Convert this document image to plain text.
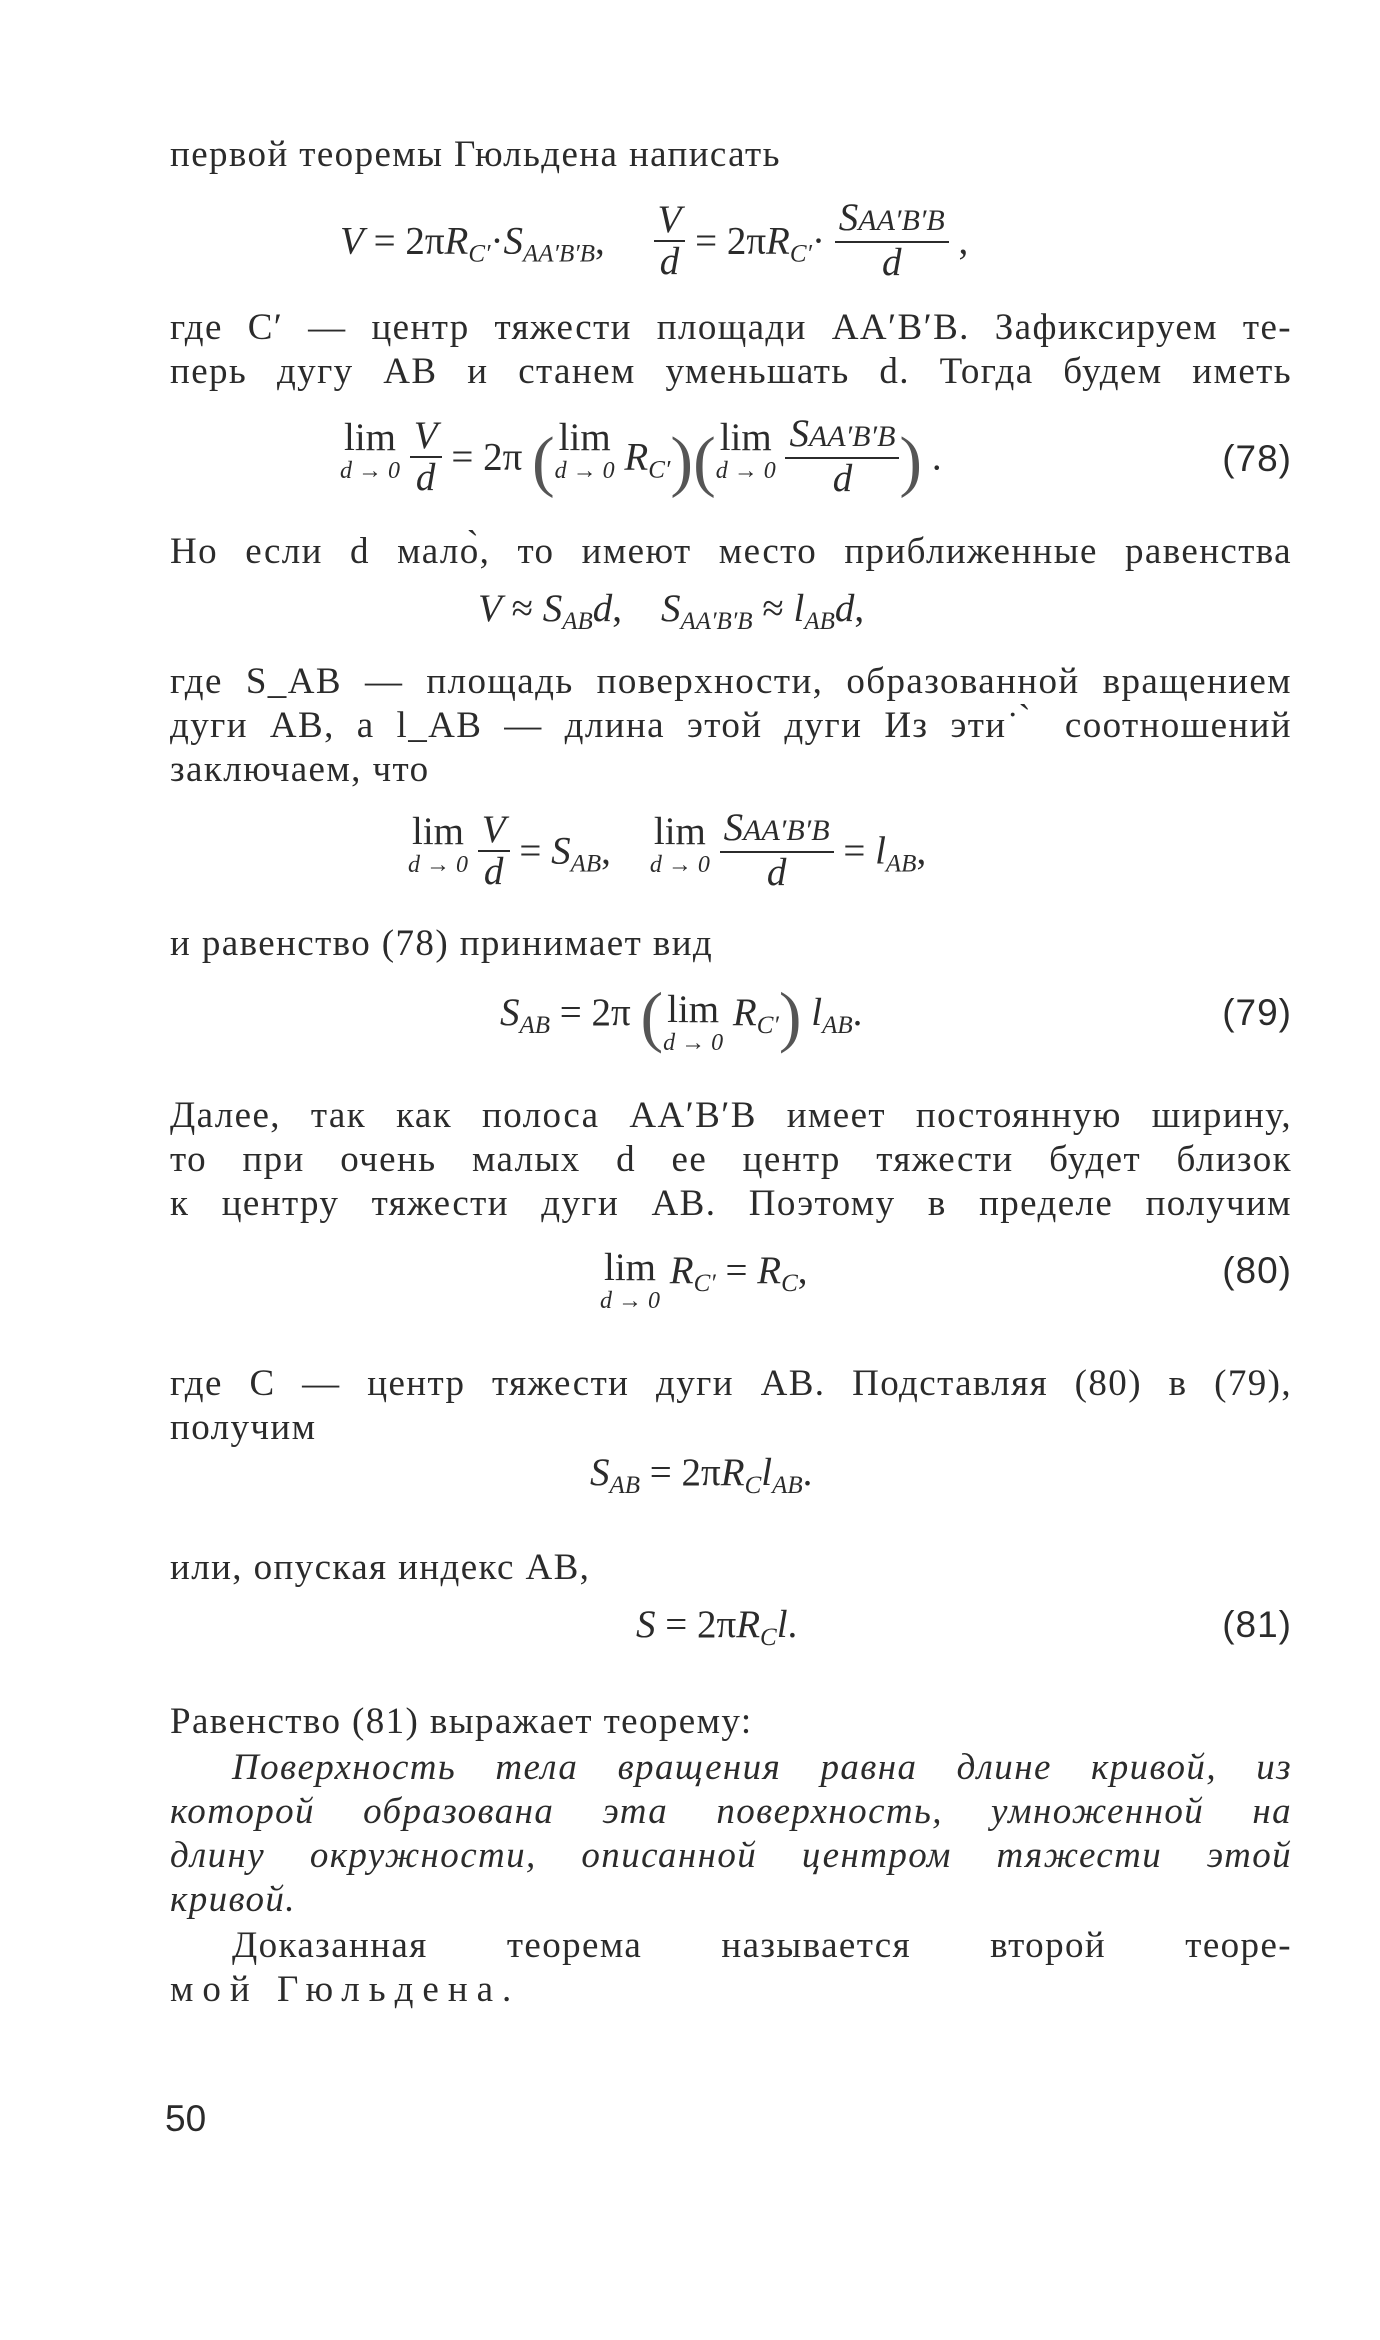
первой теоремы Гюльдена написать
$V = 2\pi R_{C'}\cdot S_{AA'B'B}$, $\frac{V}{d} = 2\pi R_{C'}\cdot \frac{\text{SAA′B′B}}{d}$ ,
где C′ — центр тяжести площади AA′B′B. Зафиксируем те-
перь дугу AB и станем уменьшать d. Тогда будем иметь
lim
d → 0
$\frac{V}{d} = 2\pi$ ( lim
d → 0 $R_{C'}$)( lim
d → 0
$\frac{\text{SAA′B′B}}{d}$ ) .	(78)
Но если d мало̀, то имеют место приближенные равенства
$V \approx S_{AB}d$,    $S_{AA'B'B} \approx l_{AB}d$,
где S_AB — площадь поверхности, образованной вращением
дуги AB, а l_AB — длина этой дуги Из эти˙̀ соотношений
заключаем, что
lim
d → 0
$\frac{V}{d} = S_{AB}$,    lim
d → 0
$\frac{\text{SAA′B′B}}{d} = l_{AB}$,
и равенство (78) принимает вид
$S_{AB} = 2\pi$ ( lim
d → 0
$R_{C'}$) $l_{AB}$.	(79)
Далее, так как полоса AA′B′B имеет постоянную ширину,
то при очень малых d ее центр тяжести будет близок
к центру тяжести дуги AB. Поэтому в пределе получим
lim
d → 0
$R_{C'} = R_C$,	(80)
где C — центр тяжести дуги AB. Подставляя (80) в (79),
получим
$S_{AB} = 2\pi R_Cl_{AB}$.
или, опуская индекс AB,
$S = 2\pi R_Cl$.	(81)
Равенство (81) выражает теорему:
Поверхность тела вращения равна длине кривой, из
которой образована эта поверхность, умноженной на
длину окружности, описанной центром тяжести этой
кривой.
Доказанная теорема называется второй теоре-
мой Гюльдена.
50
